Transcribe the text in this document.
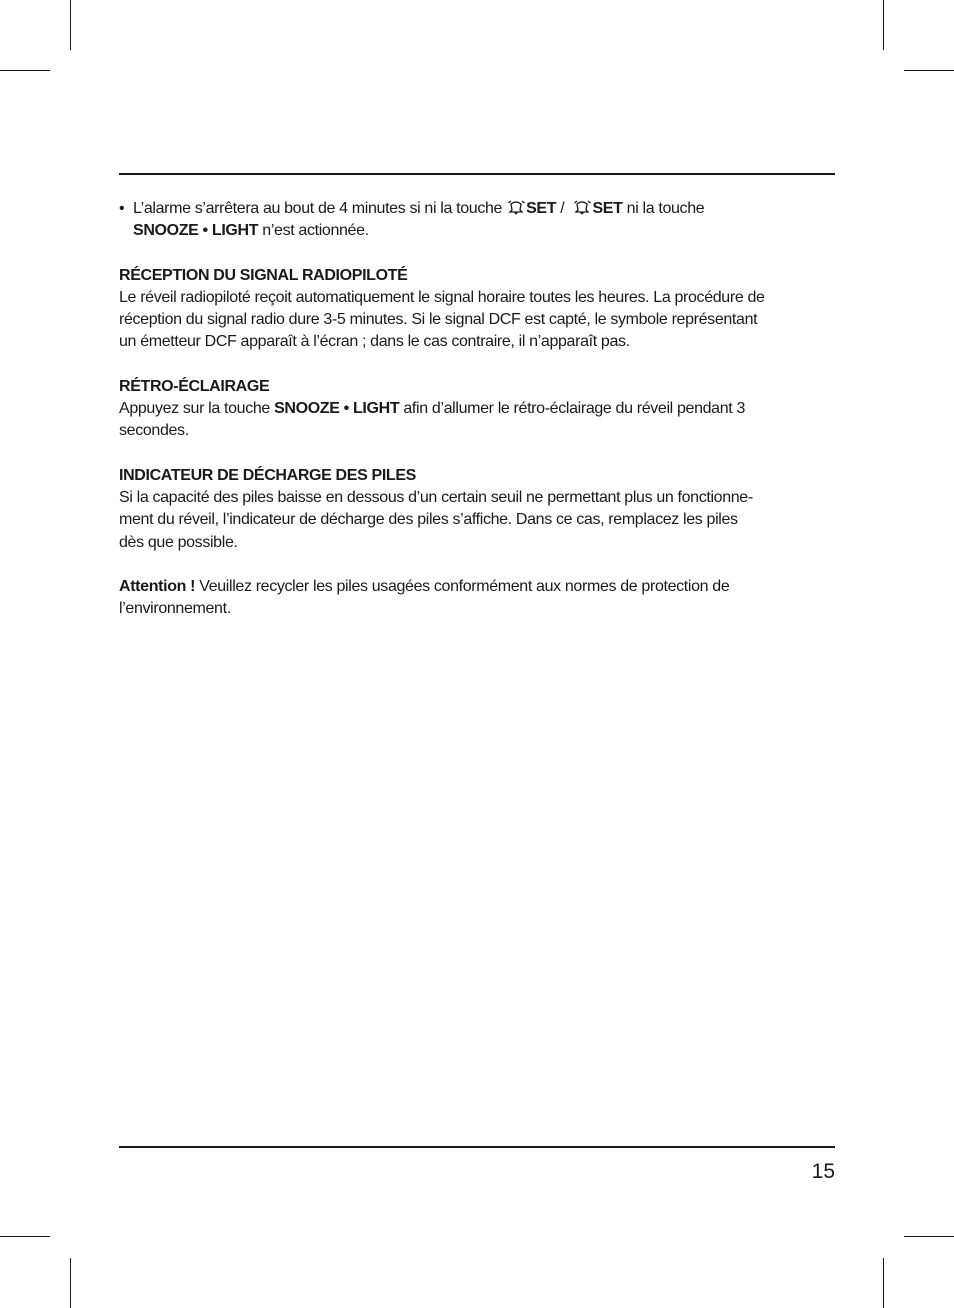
• L’alarme s’arrêtera au bout de 4 minutes si ni la touche SET / SET ni la touche
SNOOZE • LIGHT n’est actionnée.
RÉCEPTION DU SIGNAL RADIOPILOTÉ
Le réveil radiopiloté reçoit automatiquement le signal horaire toutes les heures. La procédure de
réception du signal radio dure 3-5 minutes. Si le signal DCF est capté, le symbole représentant
un émetteur DCF apparaît à l’écran ; dans le cas contraire, il n’apparaît pas.
RÉTRO-ÉCLAIRAGE
Appuyez sur la touche SNOOZE • LIGHT afin d’allumer le rétro-éclairage du réveil pendant 3
secondes.
INDICATEUR DE DÉCHARGE DES PILES
Si la capacité des piles baisse en dessous d’un certain seuil ne permettant plus un fonctionne-
ment du réveil, l’indicateur de décharge des piles s’affiche. Dans ce cas, remplacez les piles
dès que possible.
Attention ! Veuillez recycler les piles usagées conformément aux normes de protection de
l’environnement.
15
